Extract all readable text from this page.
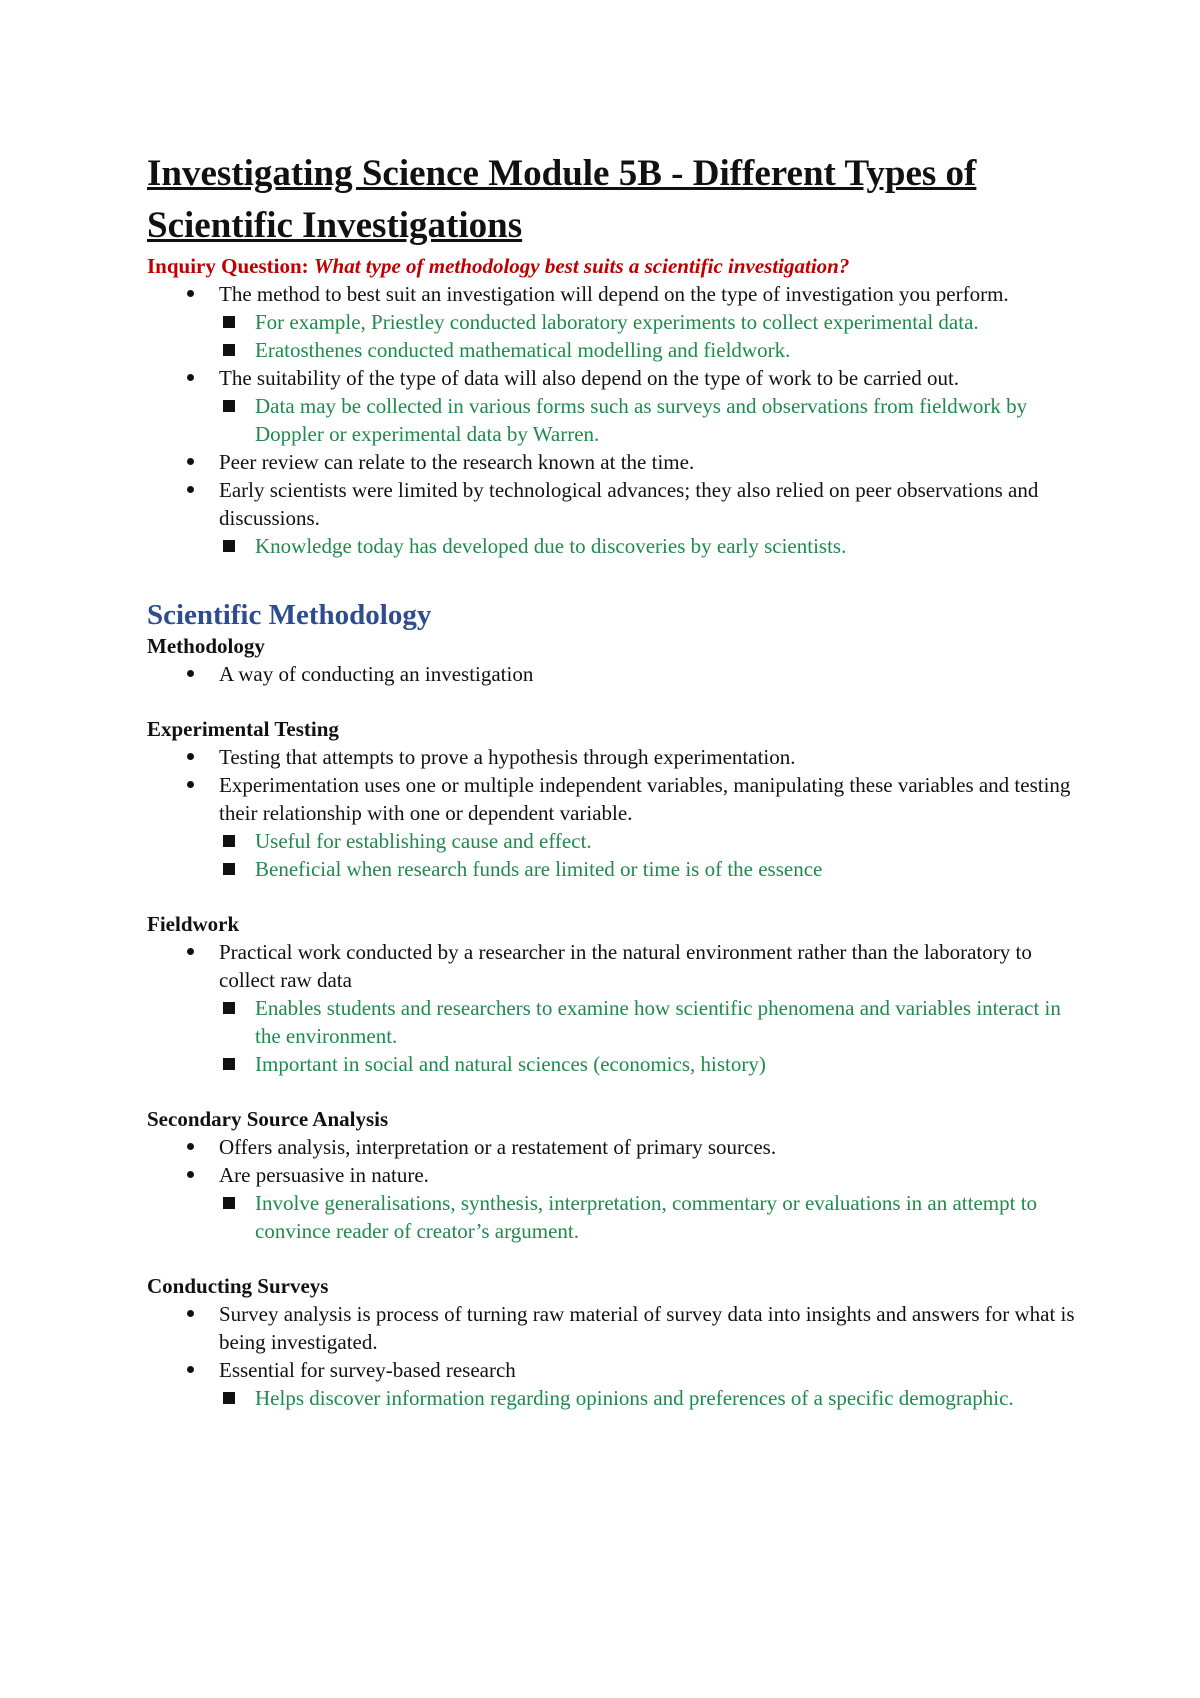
Investigating Science Module 5B - Different Types of Scientific Investigations

Inquiry Question: What type of methodology best suits a scientific investigation?

The method to best suit an investigation will depend on the type of investigation you perform.
For example, Priestley conducted laboratory experiments to collect experimental data.
Eratosthenes conducted mathematical modelling and fieldwork.
The suitability of the type of data will also depend on the type of work to be carried out.
Data may be collected in various forms such as surveys and observations from fieldwork by Doppler or experimental data by Warren.
Peer review can relate to the research known at the time.
Early scientists were limited by technological advances; they also relied on peer observations and discussions.
Knowledge today has developed due to discoveries by early scientists.
Scientific Methodology
Methodology
A way of conducting an investigation
Experimental Testing
Testing that attempts to prove a hypothesis through experimentation.
Experimentation uses one or multiple independent variables, manipulating these variables and testing their relationship with one or dependent variable.
Useful for establishing cause and effect.
Beneficial when research funds are limited or time is of the essence
Fieldwork
Practical work conducted by a researcher in the natural environment rather than the laboratory to collect raw data
Enables students and researchers to examine how scientific phenomena and variables interact in the environment.
Important in social and natural sciences (economics, history)
Secondary Source Analysis
Offers analysis, interpretation or a restatement of primary sources.
Are persuasive in nature.
Involve generalisations, synthesis, interpretation, commentary or evaluations in an attempt to convince reader of creator’s argument.
Conducting Surveys
Survey analysis is process of turning raw material of survey data into insights and answers for what is being investigated.
Essential for survey-based research
Helps discover information regarding opinions and preferences of a specific demographic.
